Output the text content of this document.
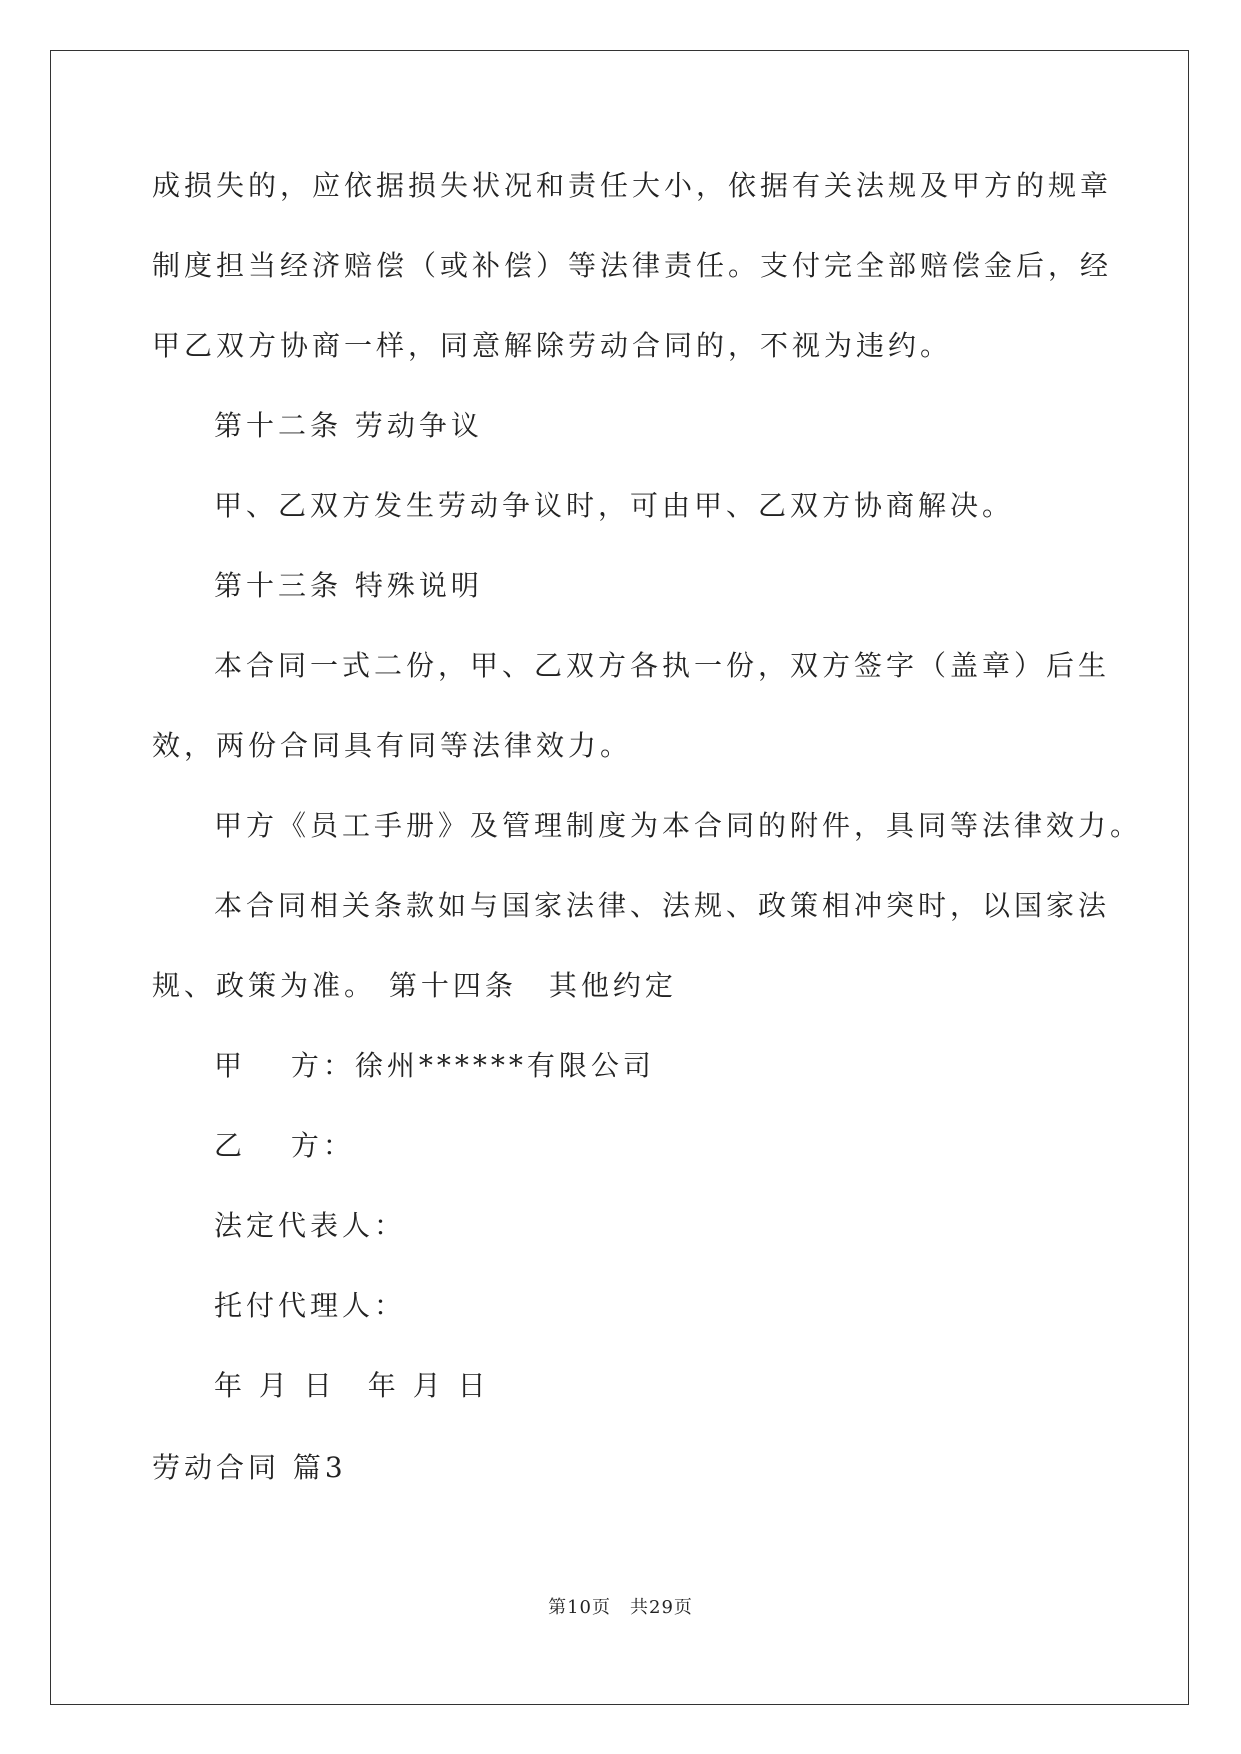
成损失的，应依据损失状况和责任大小，依据有关法规及甲方的规章

制度担当经济赔偿（或补偿）等法律责任。支付完全部赔偿金后，经

甲乙双方协商一样，同意解除劳动合同的，不视为违约。

第十二条 劳动争议

甲、乙双方发生劳动争议时，可由甲、乙双方协商解决。

第十三条 特殊说明

本合同一式二份，甲、乙双方各执一份，双方签字（盖章）后生

效，两份合同具有同等法律效力。

甲方《员工手册》及管理制度为本合同的附件，具同等法律效力。

本合同相关条款如与国家法律、法规、政策相冲突时，以国家法

规、政策为准。 第十四条　其他约定

甲　 方：徐州******有限公司

乙　 方：

法定代表人：

托付代理人：

年 月 日　年 月 日

劳动合同 篇3

第10页　共29页
